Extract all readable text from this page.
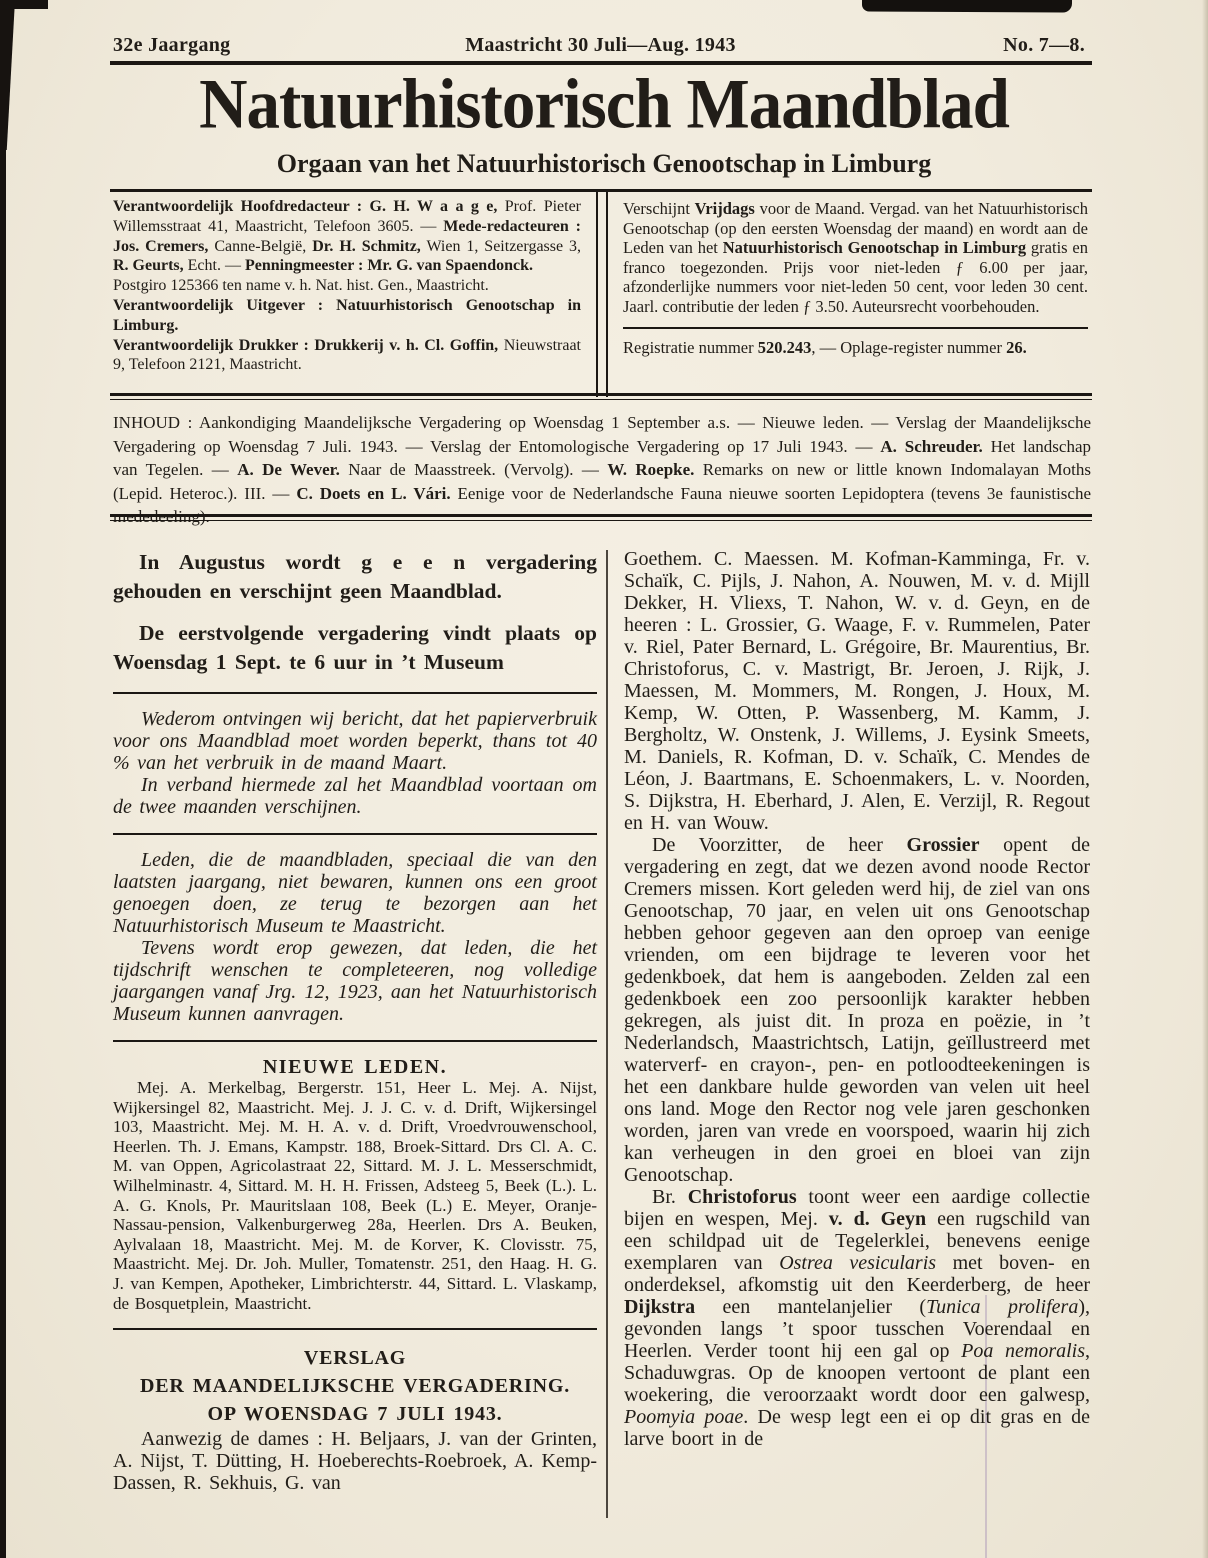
32e Jaargang	Maastricht 30 Juli—Aug. 1943	No. 7—8.
Natuurhistorisch Maandblad
Orgaan van het Natuurhistorisch Genootschap in Limburg

Verantwoordelijk Hoofdredacteur : G. H. W a a g e, Prof. Pieter Willemsstraat 41, Maastricht, Telefoon 3605. — Mede-redacteuren : Jos. Cremers, Canne-België, Dr. H. Schmitz, Wien 1, Seitzergasse 3, R. Geurts, Echt. — Penningmeester : Mr. G. van Spaendonck.

Postgiro 125366 ten name v. h. Nat. hist. Gen., Maastricht.

Verantwoordelijk Uitgever : Natuurhistorisch Genootschap in Limburg.

Verantwoordelijk Drukker : Drukkerij v. h. Cl. Goffin, Nieuwstraat 9, Telefoon 2121, Maastricht.

Verschijnt Vrijdags voor de Maand. Vergad. van het Natuurhistorisch Genootschap (op den eersten Woensdag der maand) en wordt aan de Leden van het Natuurhistorisch Genootschap in Limburg gratis en franco toegezonden. Prijs voor niet-leden ƒ 6.00 per jaar, afzonderlijke nummers voor niet-leden 50 cent, voor leden 30 cent. Jaarl. contributie der leden ƒ 3.50. Auteursrecht voorbehouden.

Registratie nummer 520.243, — Oplage-register nummer 26.

INHOUD : Aankondiging Maandelijksche Vergadering op Woensdag 1 September a.s. — Nieuwe leden. — Verslag der Maandelijksche Vergadering op Woensdag 7 Juli. 1943. — Verslag der Entomologische Vergadering op 17 Juli 1943. — A. Schreuder. Het landschap van Tegelen. — A. De Wever. Naar de Maasstreek. (Vervolg). — W. Roepke. Remarks on new or little known Indomalayan Moths (Lepid. Heteroc.). III. — C. Doets en L. Vári. Eenige voor de Nederlandsche Fauna nieuwe soorten Lepidoptera (tevens 3e faunistische mededeeling).

In Augustus wordt g e e n vergadering gehouden en verschijnt geen Maandblad.

De eerstvolgende vergadering vindt plaats op Woensdag 1 Sept. te 6 uur in ’t Museum

Wederom ontvingen wij bericht, dat het papierverbruik voor ons Maandblad moet worden beperkt, thans tot 40 % van het verbruik in de maand Maart.

In verband hiermede zal het Maandblad voortaan om de twee maanden verschijnen.

Leden, die de maandbladen, speciaal die van den laatsten jaargang, niet bewaren, kunnen ons een groot genoegen doen, ze terug te bezorgen aan het Natuurhistorisch Museum te Maastricht.

Tevens wordt erop gewezen, dat leden, die het tijdschrift wenschen te completeeren, nog volledige jaargangen vanaf Jrg. 12, 1923, aan het Natuurhistorisch Museum kunnen aanvragen.

NIEUWE LEDEN.

Mej. A. Merkelbag, Bergerstr. 151, Heer L. Mej. A. Nijst, Wijkersingel 82, Maastricht. Mej. J. J. C. v. d. Drift, Wijkersingel 103, Maastricht. Mej. M. H. A. v. d. Drift, Vroedvrouwenschool, Heerlen. Th. J. Emans, Kampstr. 188, Broek-Sittard. Drs Cl. A. C. M. van Oppen, Agricolastraat 22, Sittard. M. J. L. Messerschmidt, Wilhelminastr. 4, Sittard. M. H. H. Frissen, Adsteeg 5, Beek (L.). L. A. G. Knols, Pr. Mauritslaan 108, Beek (L.) E. Meyer, Oranje-Nassau-pension, Valkenburgerweg 28a, Heerlen. Drs A. Beuken, Aylvalaan 18, Maastricht. Mej. M. de Korver, K. Clovisstr. 75, Maastricht. Mej. Dr. Joh. Muller, Tomatenstr. 251, den Haag. H. G. J. van Kempen, Apotheker, Limbrichterstr. 44, Sittard. L. Vlaskamp, de Bosquetplein, Maastricht.

VERSLAG

DER MAANDELIJKSCHE VERGADERING.

OP WOENSDAG 7 JULI 1943.

Aanwezig de dames : H. Beljaars, J. van der Grinten, A. Nijst, T. Dütting, H. Hoeberechts-Roebroek, A. Kemp-Dassen, R. Sekhuis, G. van

Goethem. C. Maessen. M. Kofman-Kamminga, Fr. v. Schaïk, C. Pijls, J. Nahon, A. Nouwen, M. v. d. Mijll Dekker, H. Vliexs, T. Nahon, W. v. d. Geyn, en de heeren : L. Grossier, G. Waage, F. v. Rummelen, Pater v. Riel, Pater Bernard, L. Grégoire, Br. Maurentius, Br. Christoforus, C. v. Mastrigt, Br. Jeroen, J. Rijk, J. Maessen, M. Mommers, M. Rongen, J. Houx, M. Kemp, W. Otten, P. Wassenberg, M. Kamm, J. Bergholtz, W. Onstenk, J. Willems, J. Eysink Smeets, M. Daniels, R. Kofman, D. v. Schaïk, C. Mendes de Léon, J. Baartmans, E. Schoenmakers, L. v. Noorden, S. Dijkstra, H. Eberhard, J. Alen, E. Verzijl, R. Regout en H. van Wouw.

De Voorzitter, de heer Grossier opent de vergadering en zegt, dat we dezen avond noode Rector Cremers missen. Kort geleden werd hij, de ziel van ons Genootschap, 70 jaar, en velen uit ons Genootschap hebben gehoor gegeven aan den oproep van eenige vrienden, om een bijdrage te leveren voor het gedenkboek, dat hem is aangeboden. Zelden zal een gedenkboek een zoo persoonlijk karakter hebben gekregen, als juist dit. In proza en poëzie, in ’t Nederlandsch, Maastrichtsch, Latijn, geïllustreerd met waterverf- en crayon-, pen- en potloodteekeningen is het een dankbare hulde geworden van velen uit heel ons land. Moge den Rector nog vele jaren geschonken worden, jaren van vrede en voorspoed, waarin hij zich kan verheugen in den groei en bloei van zijn Genootschap.

Br. Christoforus toont weer een aardige collectie bijen en wespen, Mej. v. d. Geyn een rugschild van een schildpad uit de Tegelerklei, benevens eenige exemplaren van Ostrea vesicularis met boven- en onderdeksel, afkomstig uit den Keerderberg, de heer Dijkstra een mantelanjelier (Tunica prolifera), gevonden langs ’t spoor tusschen Voerendaal en Heerlen. Verder toont hij een gal op Poa nemoralis, Schaduwgras. Op de knoopen vertoont de plant een woekering, die veroorzaakt wordt door een galwesp, Poomyia poae. De wesp legt een ei op dit gras en de larve boort in de
